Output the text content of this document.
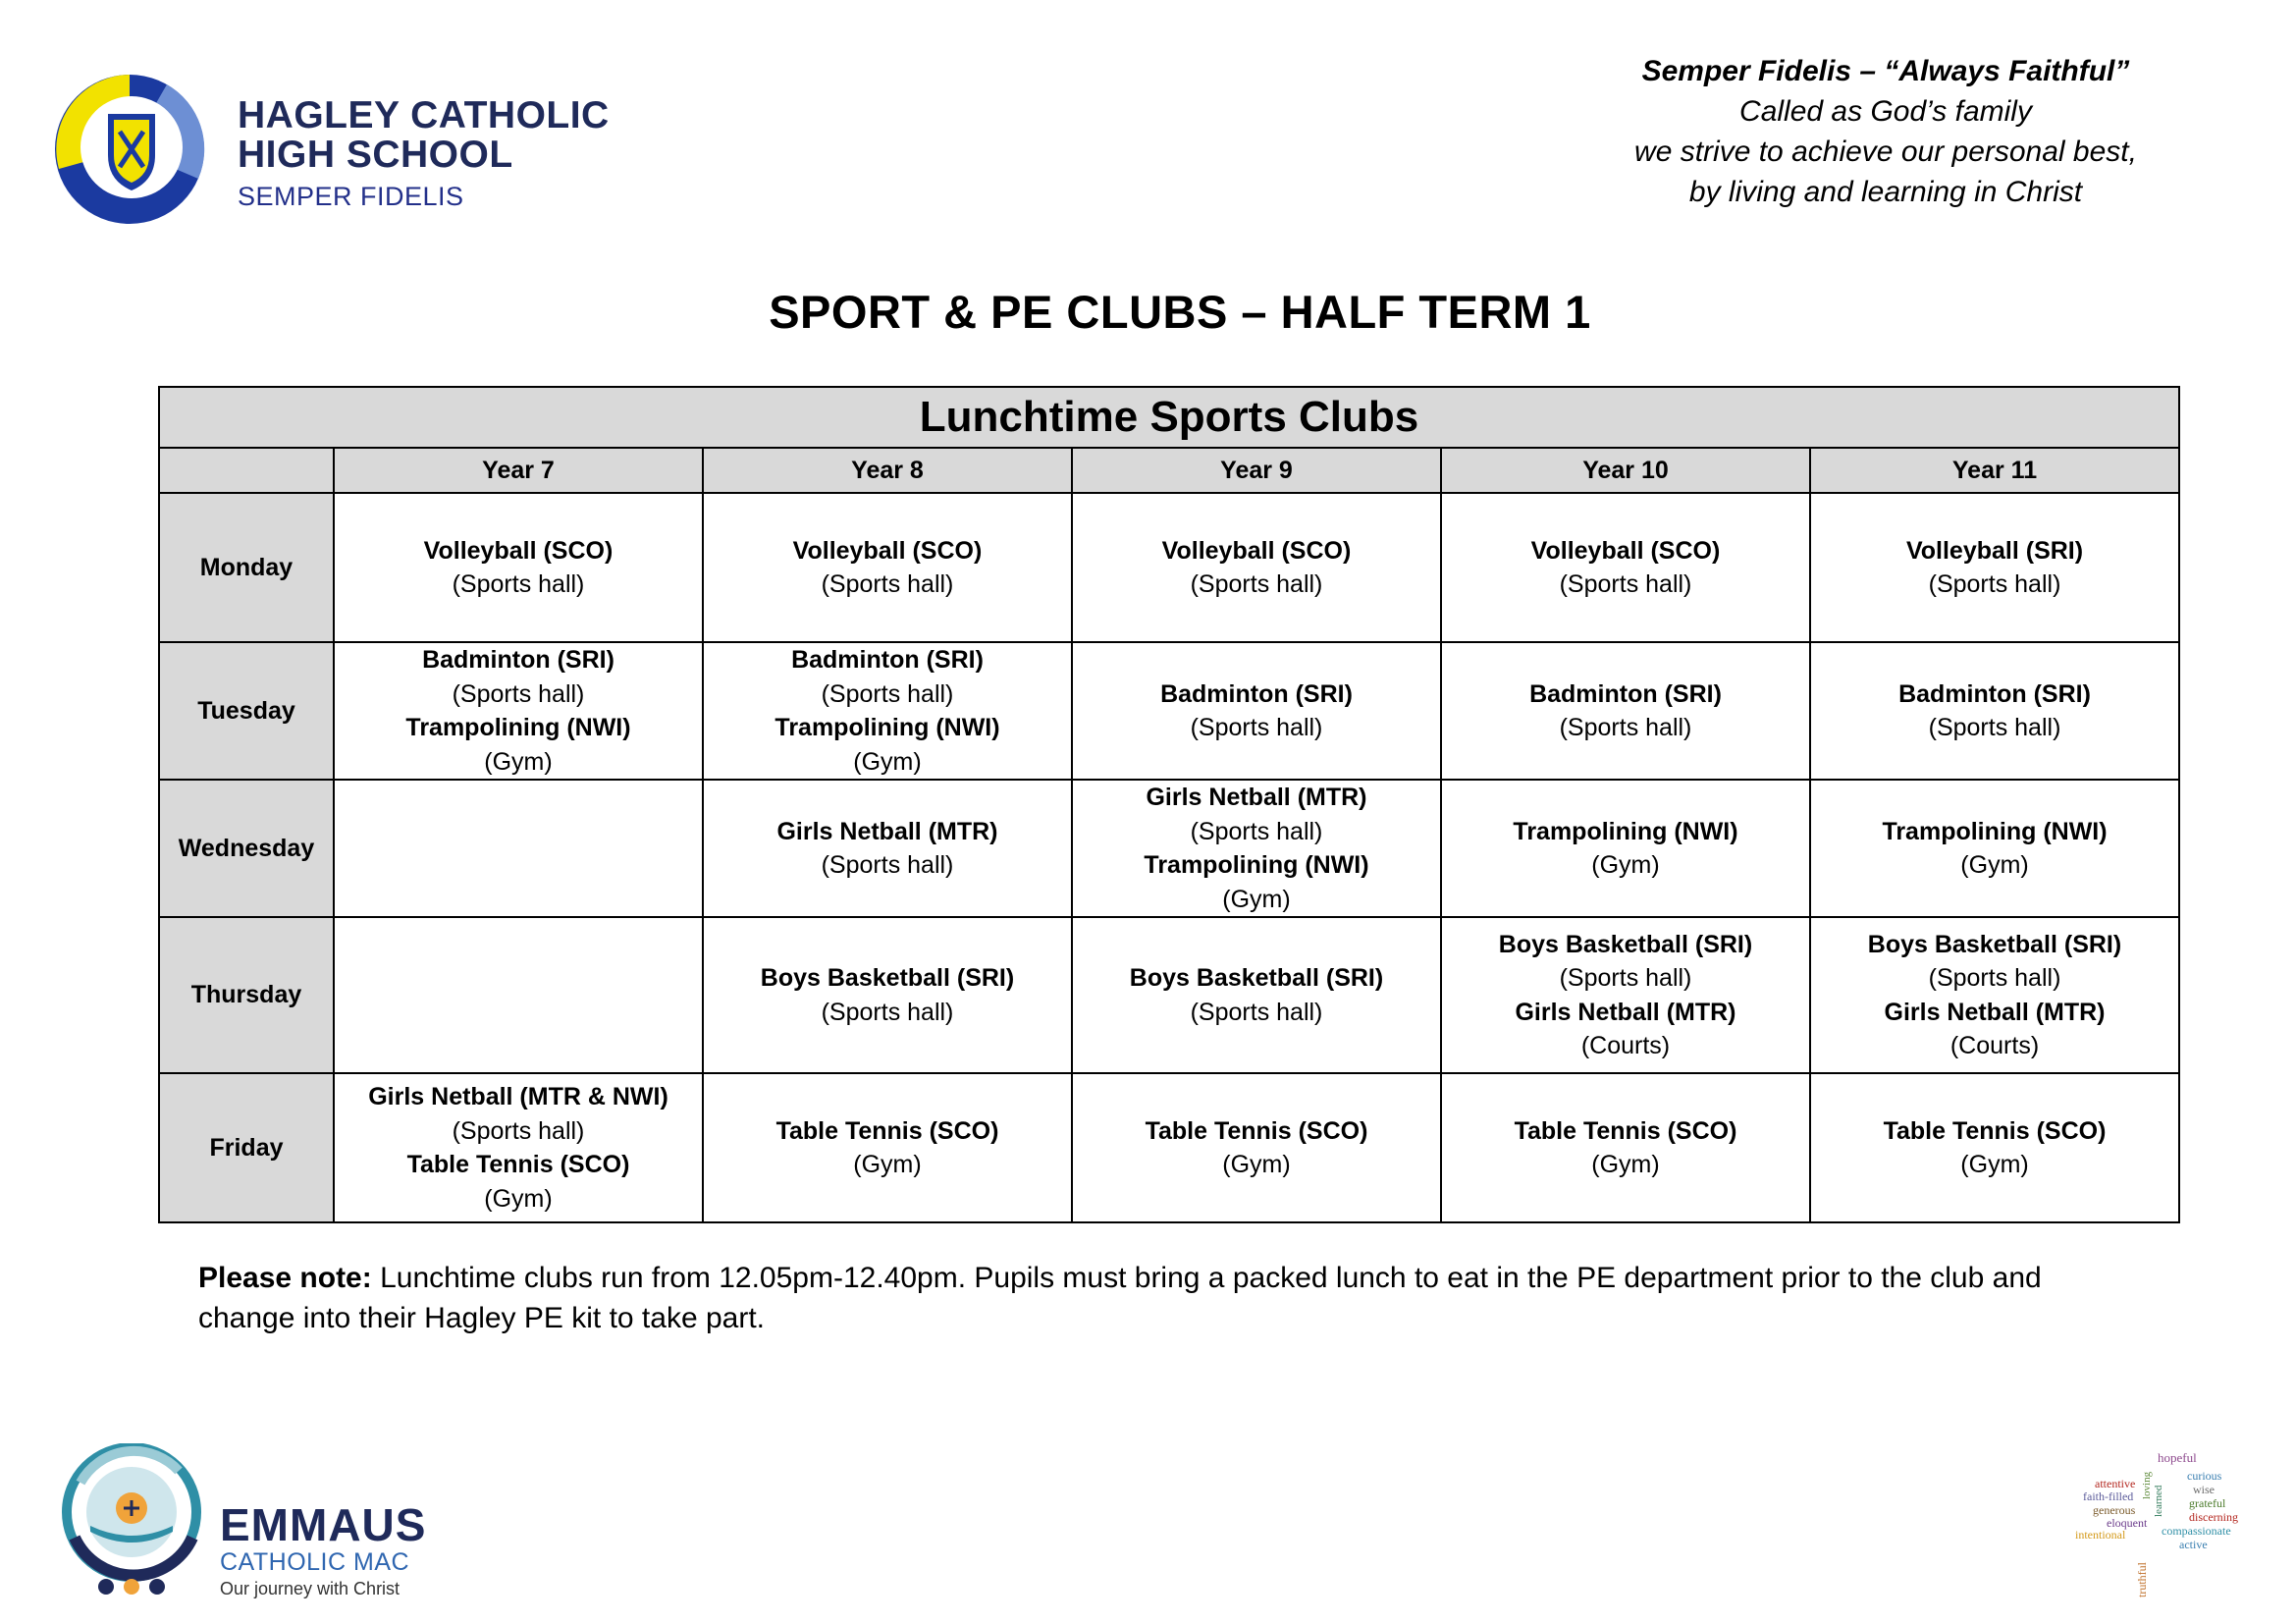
HAGLEY CATHOLIC
HIGH SCHOOL
SEMPER FIDELIS
Semper Fidelis – “Always Faithful”
Called as God’s family
we strive to achieve our personal best,
by living and learning in Christ
SPORT & PE CLUBS – HALF TERM 1
Lunchtime Sports Clubs					
	Year 7	Year 8	Year 9	Year 10	Year 11
Monday	Volleyball (SCO)
(Sports hall)	Volleyball (SCO)
(Sports hall)	Volleyball (SCO)
(Sports hall)	Volleyball (SCO)
(Sports hall)	Volleyball (SRI)
(Sports hall)

Tuesday	Badminton (SRI)
(Sports hall)
Trampolining (NWI)
(Gym)	Badminton (SRI)
(Sports hall)
Trampolining (NWI)
(Gym)	Badminton (SRI)
(Sports hall)	Badminton (SRI)
(Sports hall)	Badminton (SRI)
(Sports hall)

Wednesday		Girls Netball (MTR)
(Sports hall)	Girls Netball (MTR)
(Sports hall)
Trampolining (NWI)
(Gym)	Trampolining (NWI)
(Gym)	Trampolining (NWI)
(Gym)

Thursday		Boys Basketball (SRI)
(Sports hall)	Boys Basketball (SRI)
(Sports hall)	Boys Basketball (SRI)
(Sports hall)
Girls Netball (MTR)
(Courts)	Boys Basketball (SRI)
(Sports hall)
Girls Netball (MTR)
(Courts)

Friday	Girls Netball (MTR & NWI)
(Sports hall)
Table Tennis (SCO)
(Gym)	Table Tennis (SCO)
(Gym)	Table Tennis (SCO)
(Gym)	Table Tennis (SCO)
(Gym)	Table Tennis (SCO)
(Gym)
Please note: Lunchtime clubs run from 12.05pm-12.40pm. Pupils must bring a packed lunch to eat in the PE department prior to the club and change into their Hagley PE kit to take part.
EMMAUS
CATHOLIC MAC
Our journey with Christ
hopeful
loving
attentive
curious
faith-filled	wise
generous learned grateful
eloquent	discerning
intentional	compassionate
active
truthful
